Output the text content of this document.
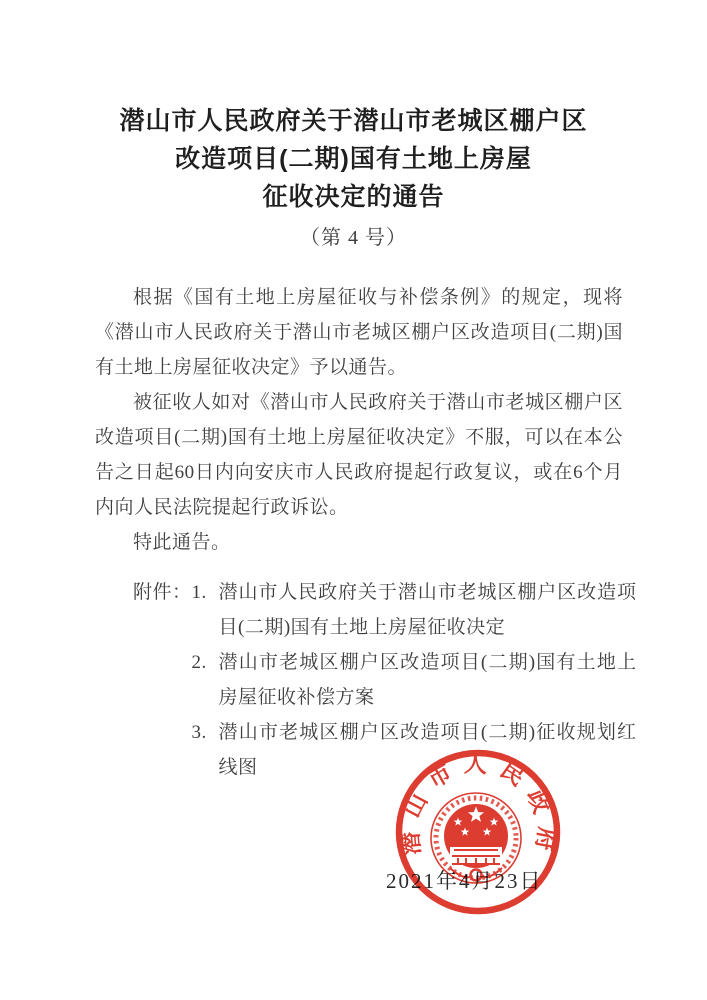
潜山市人民政府关于潜山市老城区棚户区
改造项目(二期)国有土地上房屋
征收决定的通告
（第 4 号）

根据《国有土地上房屋征收与补偿条例》的规定，现将《潜山市人民政府关于潜山市老城区棚户区改造项目(二期)国有土地上房屋征收决定》予以通告。

被征收人如对《潜山市人民政府关于潜山市老城区棚户区改造项目(二期)国有土地上房屋征收决定》不服，可以在本公告之日起60日内向安庆市人民政府提起行政复议，或在6个月内向人民法院提起行政诉讼。

特此通告。

附件： 1. 潜山市人民政府关于潜山市老城区棚户区改造项目(二期)国有土地上房屋征收决定
2. 潜山市老城区棚户区改造项目(二期)国有土地上房屋征收补偿方案
3. 潜山市老城区棚户区改造项目(二期)征收规划红线图
2021年4月23日
潜山市人民政府
